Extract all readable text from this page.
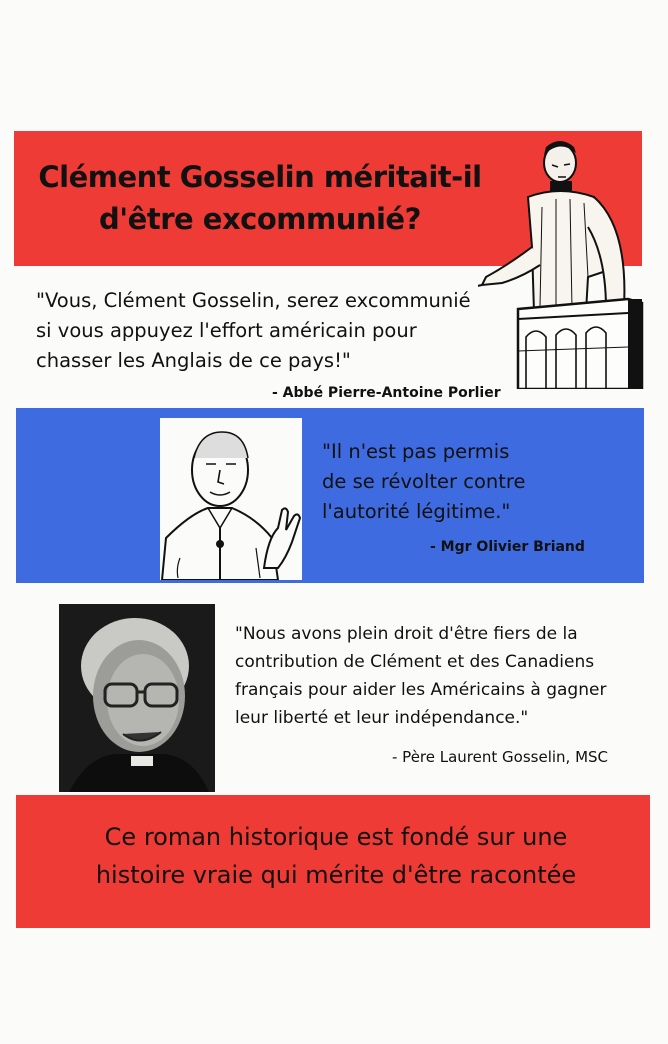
Clément Gosselin méritait-il
d'être excommunié?
"Vous, Clément Gosselin, serez excommunié
si vous appuyez l'effort américain pour
chasser les Anglais de ce pays!"
- Abbé Pierre-Antoine Porlier
"Il n'est pas permis
de se révolter contre
l'autorité légitime."
- Mgr Olivier Briand
"Nous avons plein droit d'être fiers de la
contribution de Clément et des Canadiens
français pour aider les Américains à gagner
leur liberté et leur indépendance."
- Père Laurent Gosselin, MSC
Ce roman historique est fondé sur une
histoire vraie qui mérite d'être racontée
